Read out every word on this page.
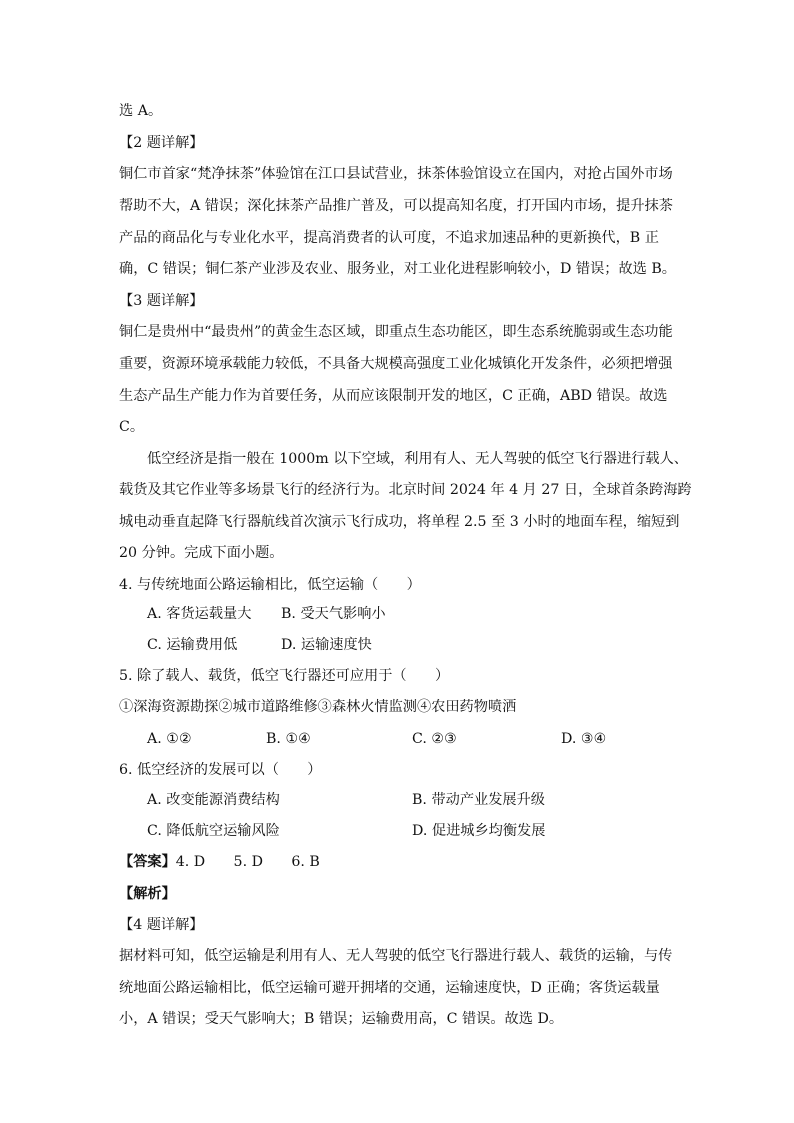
选 A。
【2 题详解】
铜仁市首家“梵净抹茶”体验馆在江口县试营业，抹茶体验馆设立在国内，对抢占国外市场
帮助不大，A 错误；深化抹茶产品推广普及，可以提高知名度，打开国内市场，提升抹茶
产品的商品化与专业化水平，提高消费者的认可度，不追求加速品种的更新换代，B 正
确，C 错误；铜仁茶产业涉及农业、服务业，对工业化进程影响较小，D 错误；故选 B。
【3 题详解】
铜仁是贵州中“最贵州”的黄金生态区域，即重点生态功能区，即生态系统脆弱或生态功能
重要，资源环境承载能力较低，不具备大规模高强度工业化城镇化开发条件，必须把增强
生态产品生产能力作为首要任务，从而应该限制开发的地区，C 正确，ABD 错误。故选
C。
低空经济是指一般在 1000m 以下空域，利用有人、无人驾驶的低空飞行器进行载人、
载货及其它作业等多场景飞行的经济行为。北京时间 2024 年 4 月 27 日，全球首条跨海跨
城电动垂直起降飞行器航线首次演示飞行成功，将单程 2.5 至 3 小时的地面车程，缩短到
20 分钟。完成下面小题。
4. 与传统地面公路运输相比，低空运输（　　）
A. 客货运载量大 B. 受天气影响小
C. 运输费用低	D. 运输速度快
5. 除了载人、载货，低空飞行器还可应用于（　　）
①深海资源勘探②城市道路维修③森林火情监测④农田药物喷洒
A. ①②	B. ①④	C. ②③	D. ③④
6. 低空经济的发展可以（　　）
A. 改变能源消费结构	B. 带动产业发展升级
C. 降低航空运输风险	D. 促进城乡均衡发展
【答案】4. D　　5. D　　6. B
【解析】
【4 题详解】
据材料可知，低空运输是利用有人、无人驾驶的低空飞行器进行载人、载货的运输，与传
统地面公路运输相比，低空运输可避开拥堵的交通，运输速度快，D 正确；客货运载量
小，A 错误；受天气影响大；B 错误；运输费用高，C 错误。故选 D。
